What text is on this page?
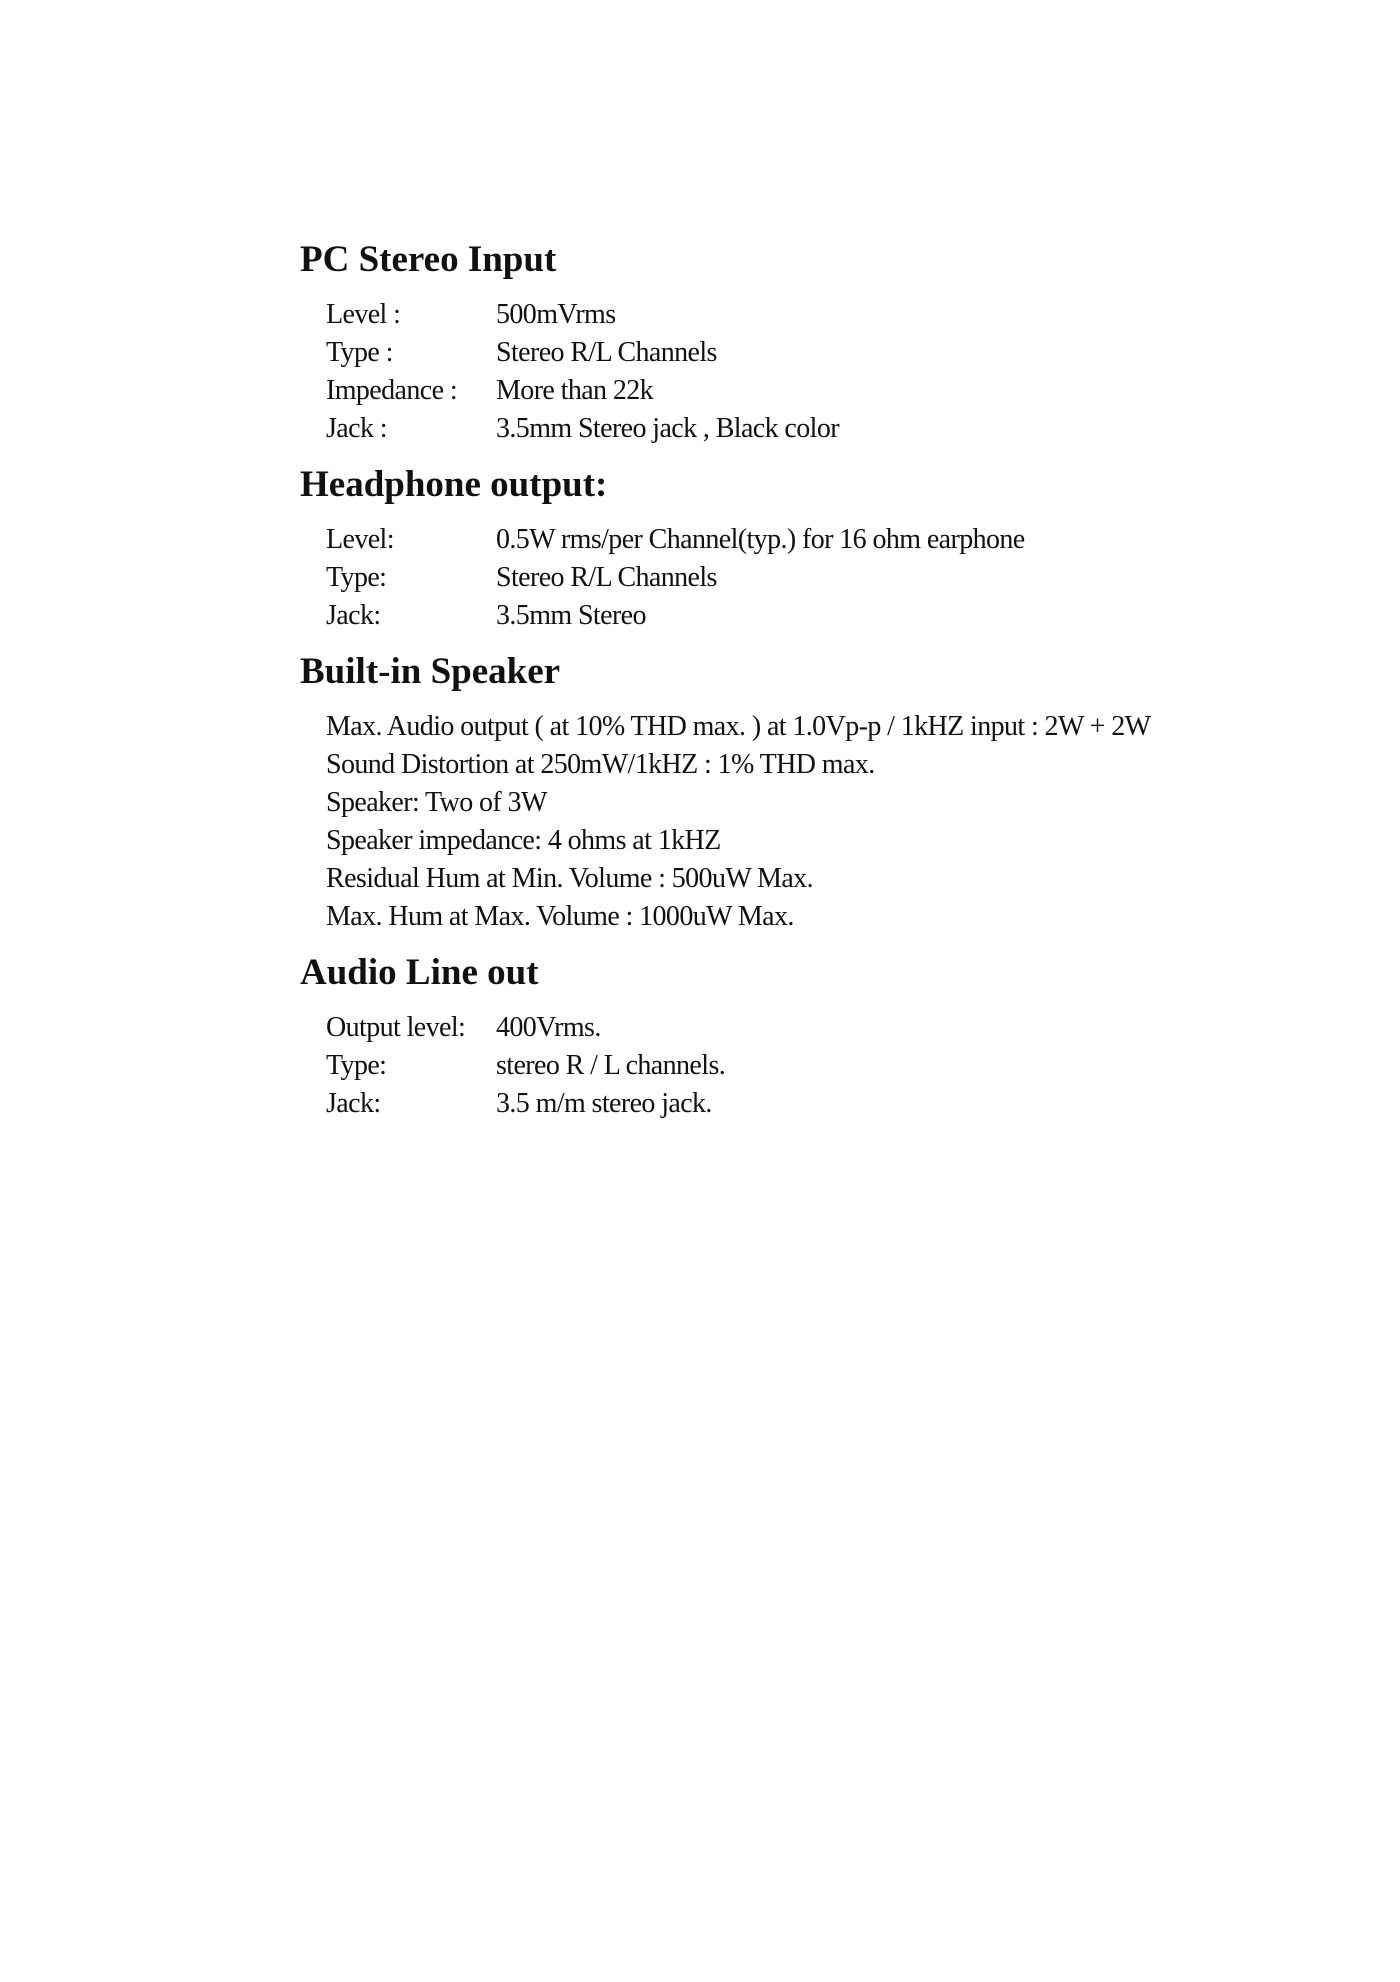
PC Stereo Input
Level :	500mVrms
Type :	Stereo R/L Channels
Impedance :	More than 22k
Jack :	3.5mm Stereo jack , Black color
Headphone output:
Level:	0.5W rms/per Channel(typ.) for 16 ohm earphone
Type:	Stereo R/L Channels
Jack:	3.5mm Stereo
Built-in Speaker
Max. Audio output ( at 10% THD max. ) at 1.0Vp-p / 1kHZ input : 2W + 2W
Sound Distortion at 250mW/1kHZ : 1% THD max.
Speaker: Two of 3W
Speaker impedance: 4 ohms at 1kHZ
Residual Hum at Min. Volume : 500uW Max.
Max. Hum at Max. Volume : 1000uW Max.
Audio Line out
Output level:	400Vrms.
Type:	stereo R / L channels.
Jack:	3.5 m/m stereo jack.
